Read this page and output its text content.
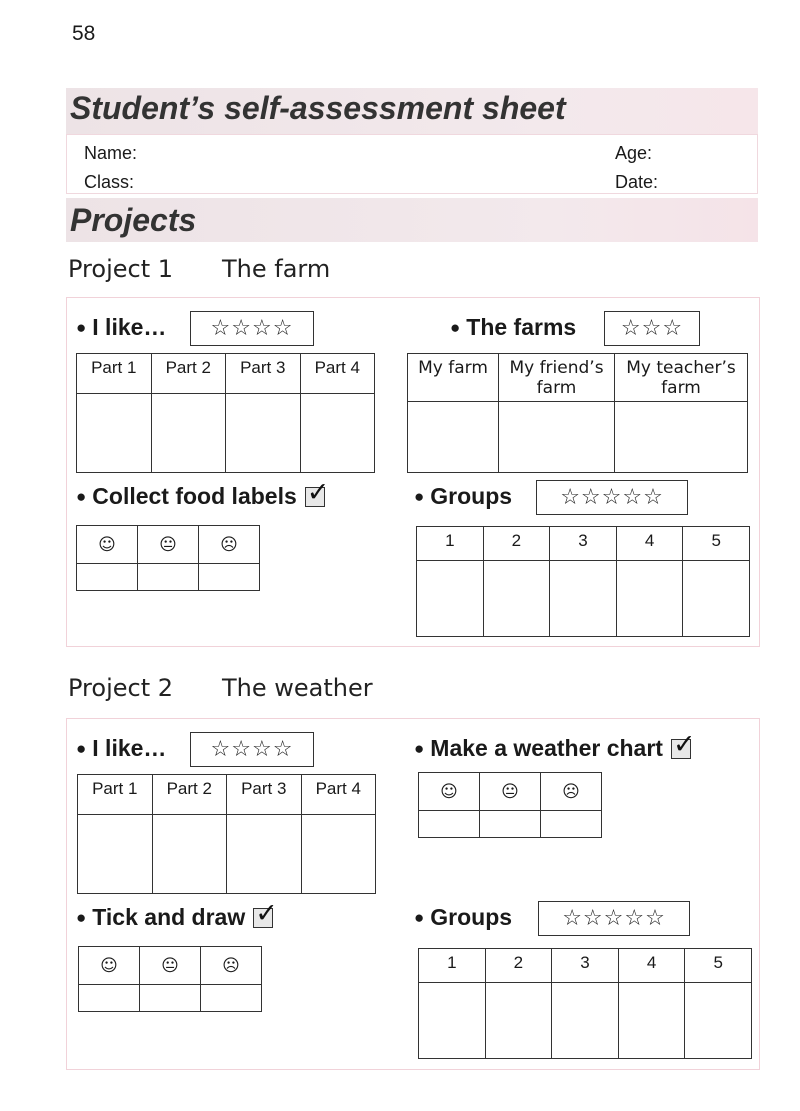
58
Student’s self-assessment sheet
Name:
Class:
Age:
Date:
Projects
Project 1 The farm
● I like…	☆☆☆☆
Part 1	Part 2	Part 3	Part 4

● The farms	☆☆☆
My farm	My friend’s farm	My teacher’s farm

● Collect food labels
✓
☺	😐	☹

● Groups	☆☆☆☆☆
1	2	3	4	5

Project 2 The weather
● I like…	☆☆☆☆
Part 1	Part 2	Part 3	Part 4

● Make a weather chart
✓
☺	😐	☹

● Tick and draw
✓
☺	😐	☹

● Groups	☆☆☆☆☆
1	2	3	4	5
